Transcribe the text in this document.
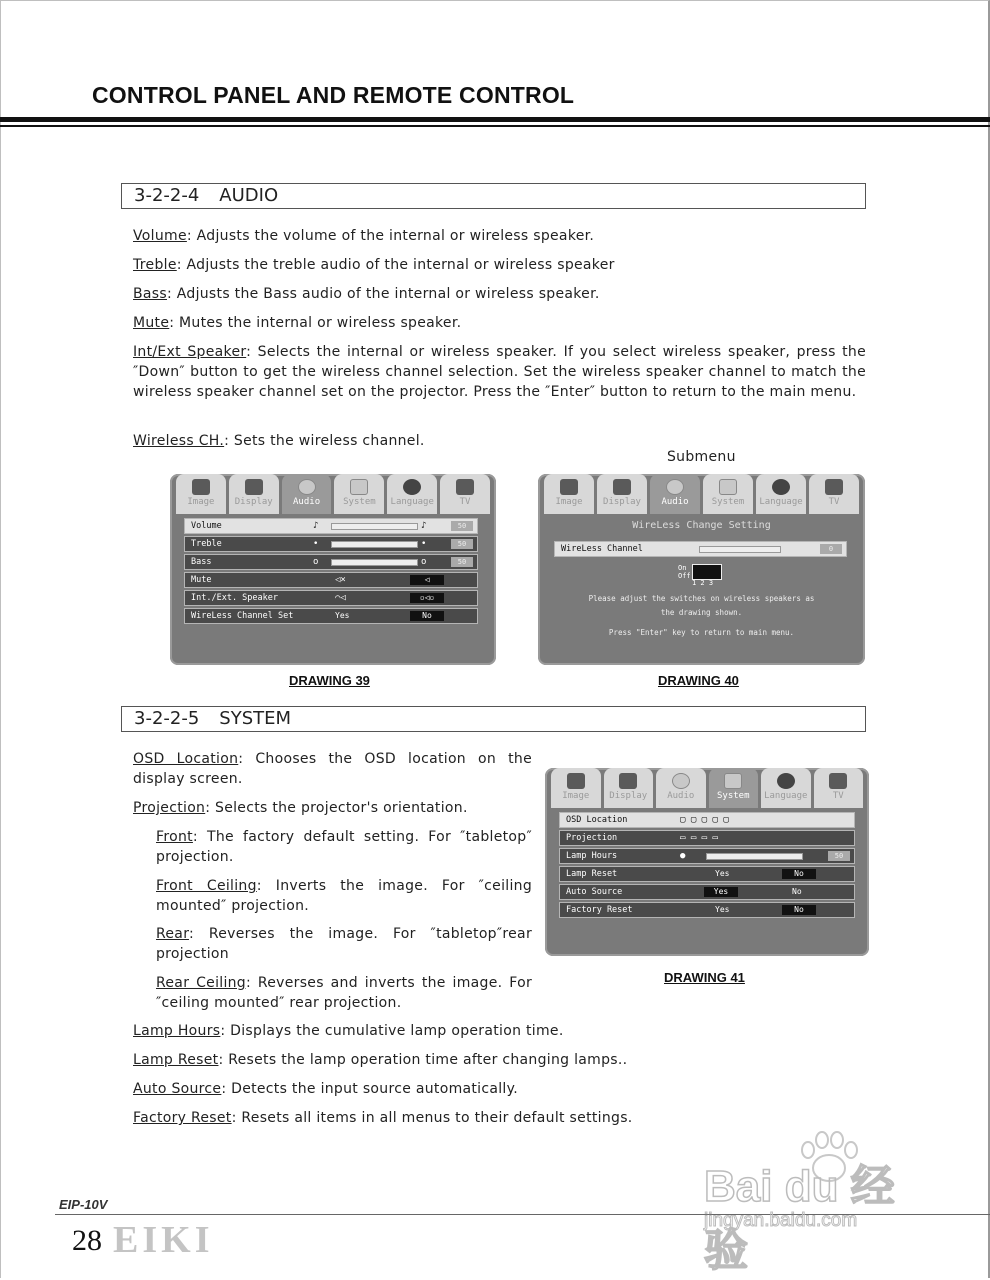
CONTROL PANEL AND REMOTE CONTROL
3-2-2-4 AUDIO
Volume: Adjusts the volume of the internal or wireless speaker.
Treble: Adjusts the treble audio of the internal or wireless speaker
Bass: Adjusts the Bass audio of the internal or wireless speaker.
Mute: Mutes the internal or wireless speaker.
Int/Ext Speaker: Selects the internal or wireless speaker. If you select wireless speaker, press the ″Down″ button to get the wireless channel selection. Set the wireless speaker channel to match the wireless speaker channel set on the projector. Press the ″Enter″ button to return to the main menu.
Wireless CH.: Sets the wireless channel.
Submenu
Image	Display	Audio	System	Language	TV
Volume	♪	♪	50
Treble	•	•	50
Bass	o	o	50
Mute	◁×	◁
Int./Ext. Speaker	⌒◁	▫◁▫
WireLess Channel Set	Yes	No
DRAWING 39
Image	Display	Audio	System	Language	TV
WireLess Change Setting
WireLess Channel	0
On
Off
1 2 3
Please adjust the switches on wireless speakers as
the drawing shown.
Press "Enter" key to return to main menu.
DRAWING 40
3-2-2-5 SYSTEM
OSD Location: Chooses the OSD location on the display screen.
Projection: Selects the projector's orientation.
Front: The factory default setting. For ″tabletop″ projection.
Front Ceiling: Inverts the image. For ″ceiling mounted″ projection.
Rear: Reverses the image. For ″tabletop″rear projection
Rear Ceiling: Reverses and inverts the image. For ″ceiling mounted″ rear projection.
Lamp Hours: Displays the cumulative lamp operation time.
Lamp Reset: Resets the lamp operation time after changing lamps..
Auto Source: Detects the input source automatically.
Factory Reset: Resets all items in all menus to their default settings.
Image	Display	Audio	System	Language	TV
OSD Location	▢ ▢ ▢ ▢ ▢
Projection	▭ ▭ ▭ ▭
Lamp Hours	●	50
Lamp Reset	Yes	No
Auto Source	Yes	No
Factory Reset	Yes	No
DRAWING 41
EIP-10V
28 EIKI
Bai du 经验
jingyan.baidu.com
